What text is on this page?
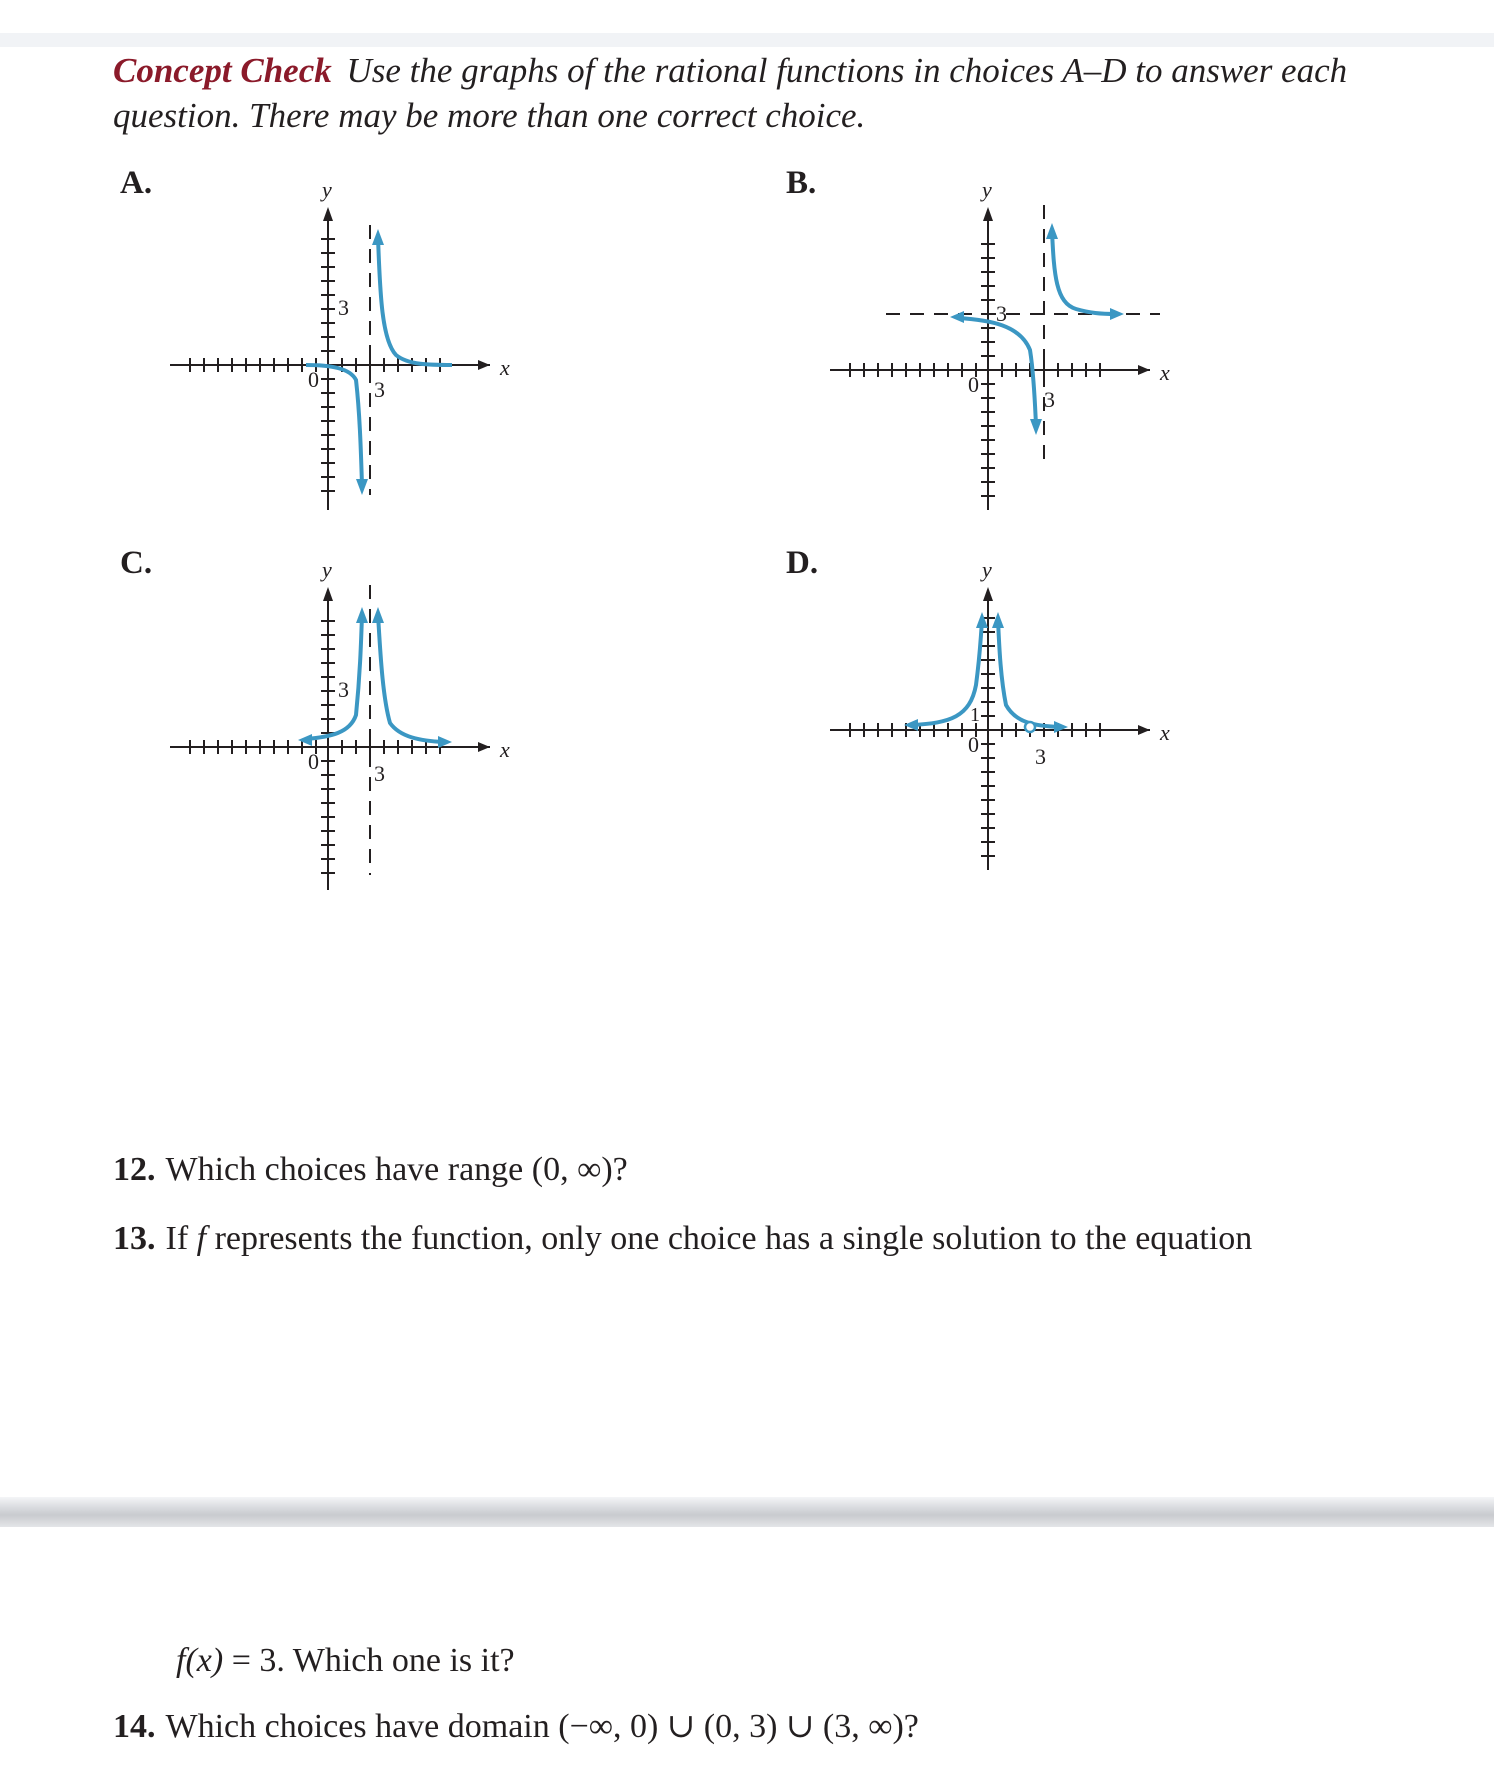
Concept Check Use the graphs of the rational functions in choices A–D to answer each question. There may be more than one correct choice.
A.
x
y
3
0	3
B.
x
y
3
0
3
C.
x
y
3
0	3
D.
x
y
1
0	3
12. Which choices have range (0, ∞)?
13. If f represents the function, only one choice has a single solution to the equation
f(x) = 3. Which one is it?
14. Which choices have domain (−∞, 0) ∪ (0, 3) ∪ (3, ∞)?
